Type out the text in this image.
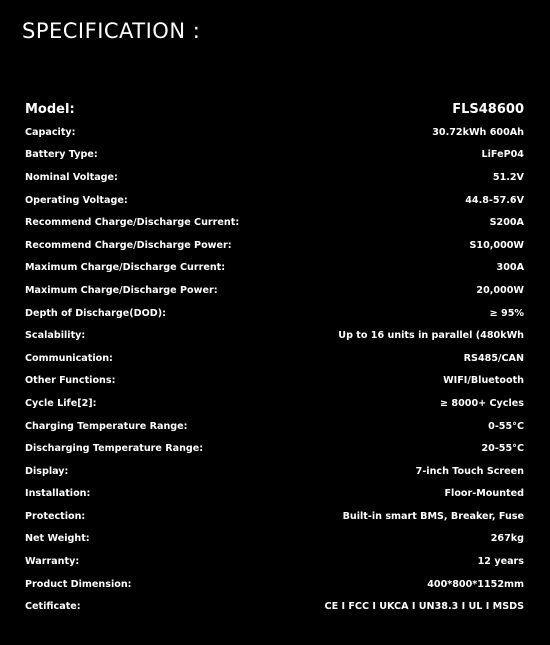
SPECIFICATION :
Model:	FLS48600
Capacity:	30.72kWh 600Ah
Battery Type:	LiFeP04
Nominal Voltage:	51.2V
Operating Voltage:	44.8-57.6V
Recommend Charge/Discharge Current:	S200A
Recommend Charge/Discharge Power:	S10,000W
Maximum Charge/Discharge Current:	300A
Maximum Charge/Discharge Power:	20,000W
Depth of Discharge(DOD):	≥ 95%
Scalability:	Up to 16 units in parallel (480kWh
Communication:	RS485/CAN
Other Functions:	WIFI/Bluetooth
Cycle Life[2]:	≥ 8000+ Cycles
Charging Temperature Range:	0-55°C
Discharging Temperature Range:	20-55°C
Display:	7-inch Touch Screen
Installation:	Floor-Mounted
Protection:	Built-in smart BMS, Breaker, Fuse
Net Weight:	267kg
Warranty:	12 years
Product Dimension:	400*800*1152mm
Cetificate:	CE I FCC I UKCA I UN38.3 I UL I MSDS
